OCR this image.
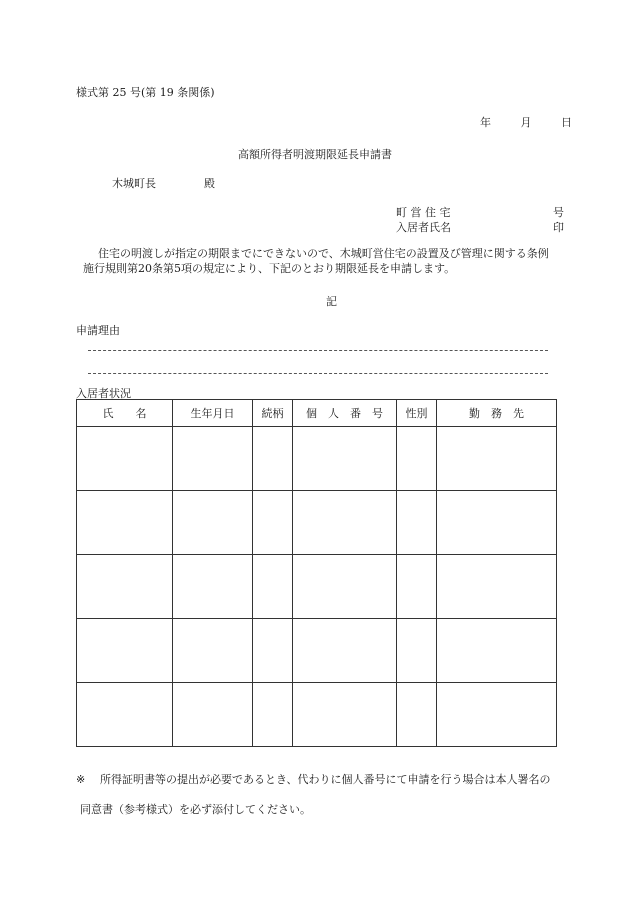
様式第 25 号(第 19 条関係)
年	月	日
高額所得者明渡期限延長申請書
木城町長	殿
町 営 住 宅	号
入居者氏名	印

住宅の明渡しが指定の期限までにできないので、木城町営住宅の設置及び管理に関する条例

施行規則第20条第5項の規定により、下記のとおり期限延長を申請します。

記
申請理由
入居者状況
氏　　名	生年月日	続柄	個　人　番　号	性別	勤　務　先

※ 所得証明書等の提出が必要であるとき、代わりに個人番号にて申請を行う場合は本人署名の
同意書（参考様式）を必ず添付してください。
